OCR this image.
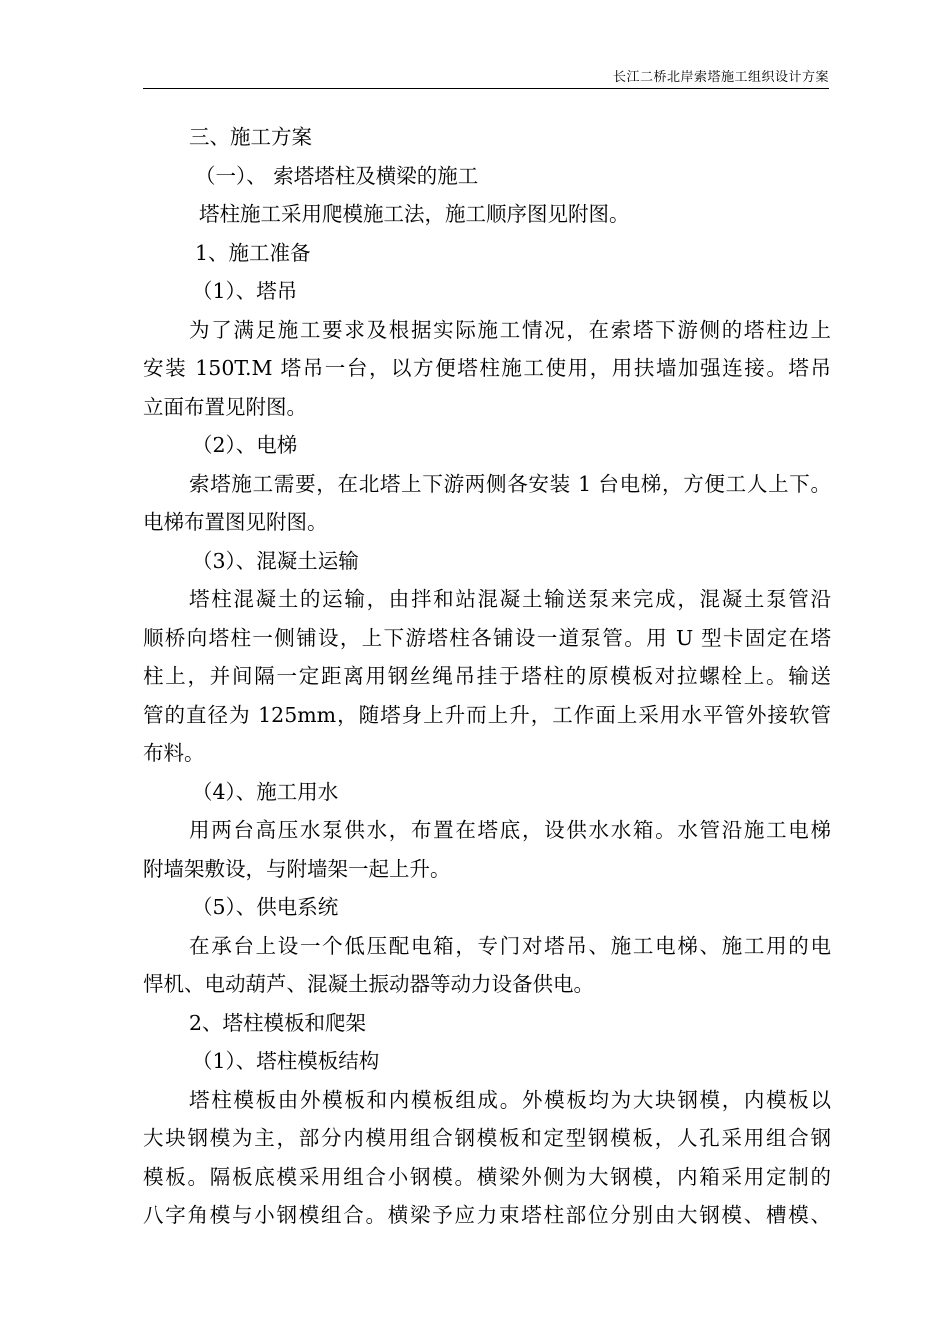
长江二桥北岸索塔施工组织设计方案
三、施工方案
（一）、 索塔塔柱及横梁的施工
塔柱施工采用爬模施工法，施工顺序图见附图。
1、施工准备
（1）、塔吊
为了满足施工要求及根据实际施工情况，在索塔下游侧的塔柱边上
安装 150T.M 塔吊一台，以方便塔柱施工使用，用扶墙加强连接。塔吊
立面布置见附图。
（2）、电梯
索塔施工需要，在北塔上下游两侧各安装 1 台电梯，方便工人上下。
电梯布置图见附图。
（3）、混凝土运输
塔柱混凝土的运输，由拌和站混凝土输送泵来完成，混凝土泵管沿
顺桥向塔柱一侧铺设，上下游塔柱各铺设一道泵管。用 U 型卡固定在塔
柱上，并间隔一定距离用钢丝绳吊挂于塔柱的原模板对拉螺栓上。输送
管的直径为 125mm，随塔身上升而上升，工作面上采用水平管外接软管
布料。
（4）、施工用水
用两台高压水泵供水，布置在塔底，设供水水箱。水管沿施工电梯
附墙架敷设，与附墙架一起上升。
（5）、供电系统
在承台上设一个低压配电箱，专门对塔吊、施工电梯、施工用的电
悍机、电动葫芦、混凝土振动器等动力设备供电。
2、塔柱模板和爬架
（1）、塔柱模板结构
塔柱模板由外模板和内模板组成。外模板均为大块钢模，内模板以
大块钢模为主，部分内模用组合钢模板和定型钢模板，人孔采用组合钢
模板。隔板底模采用组合小钢模。横梁外侧为大钢模，内箱采用定制的
八字角模与小钢模组合。横梁予应力束塔柱部位分别由大钢模、槽模、
